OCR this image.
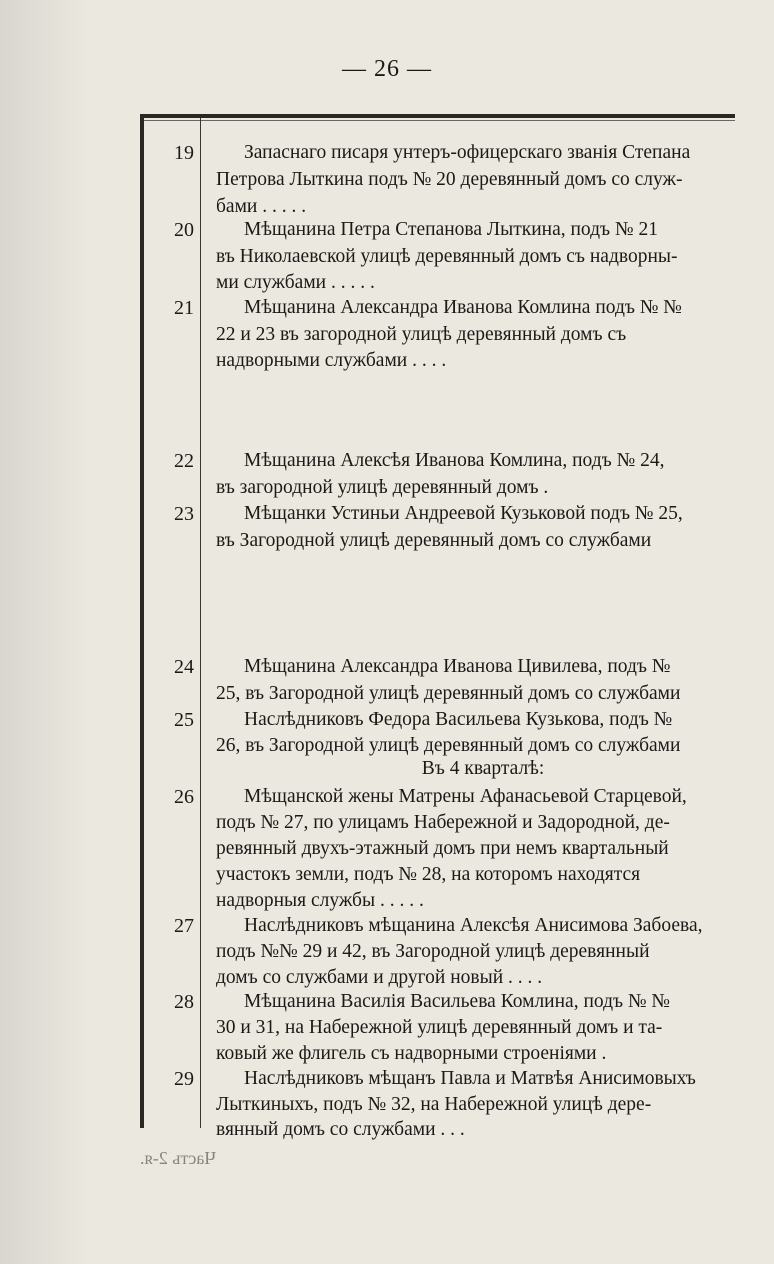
— 26 —
19	Запаснаго писаря унтеръ-офицерскаго званія Степана
Петрова Лыткина подъ № 20 деревянный домъ со служ-
бами . . . . .
20	Мѣщанина Петра Степанова Лыткина, подъ № 21
въ Николаевской улицѣ деревянный домъ съ надворны-
ми службами . . . . .
21	Мѣщанина Александра Иванова Комлина подъ № №
22 и 23 въ загородной улицѣ деревянный домъ съ
надворными службами . . . .
22	Мѣщанина Алексѣя Иванова Комлина, подъ № 24,
въ загородной улицѣ деревянный домъ .
23	Мѣщанки Устиньи Андреевой Кузьковой подъ № 25,
въ Загородной улицѣ деревянный домъ со службами
24	Мѣщанина Александра Иванова Цивилева, подъ №
25, въ Загородной улицѣ деревянный домъ со службами
25	Наслѣдниковъ Федора Васильева Кузькова, подъ №
26, въ Загородной улицѣ деревянный домъ со службами
Въ 4 кварталѣ:
26	Мѣщанской жены Матрены Афанасьевой Старцевой,
подъ № 27, по улицамъ Набережной и Задородной, де-
ревянный двухъ-этажный домъ при немъ квартальный
участокъ земли, подъ № 28, на которомъ находятся
надворныя службы . . . . .
27	Наслѣдниковъ мѣщанина Алексѣя Анисимова Забоева,
подъ №№ 29 и 42, въ Загородной улицѣ деревянный
домъ со службами и другой новый . . . .
28	Мѣщанина Василія Васильева Комлина, подъ № №
30 и 31, на Набережной улицѣ деревянный домъ и та-
ковый же флигель съ надворными строеніями .
29	Наслѣдниковъ мѣщанъ Павла и Матвѣя Анисимовыхъ
Лыткиныхъ, подъ № 32, на Набережной улицѣ дере-
вянный домъ со службами . . .
Часть 2-я.
